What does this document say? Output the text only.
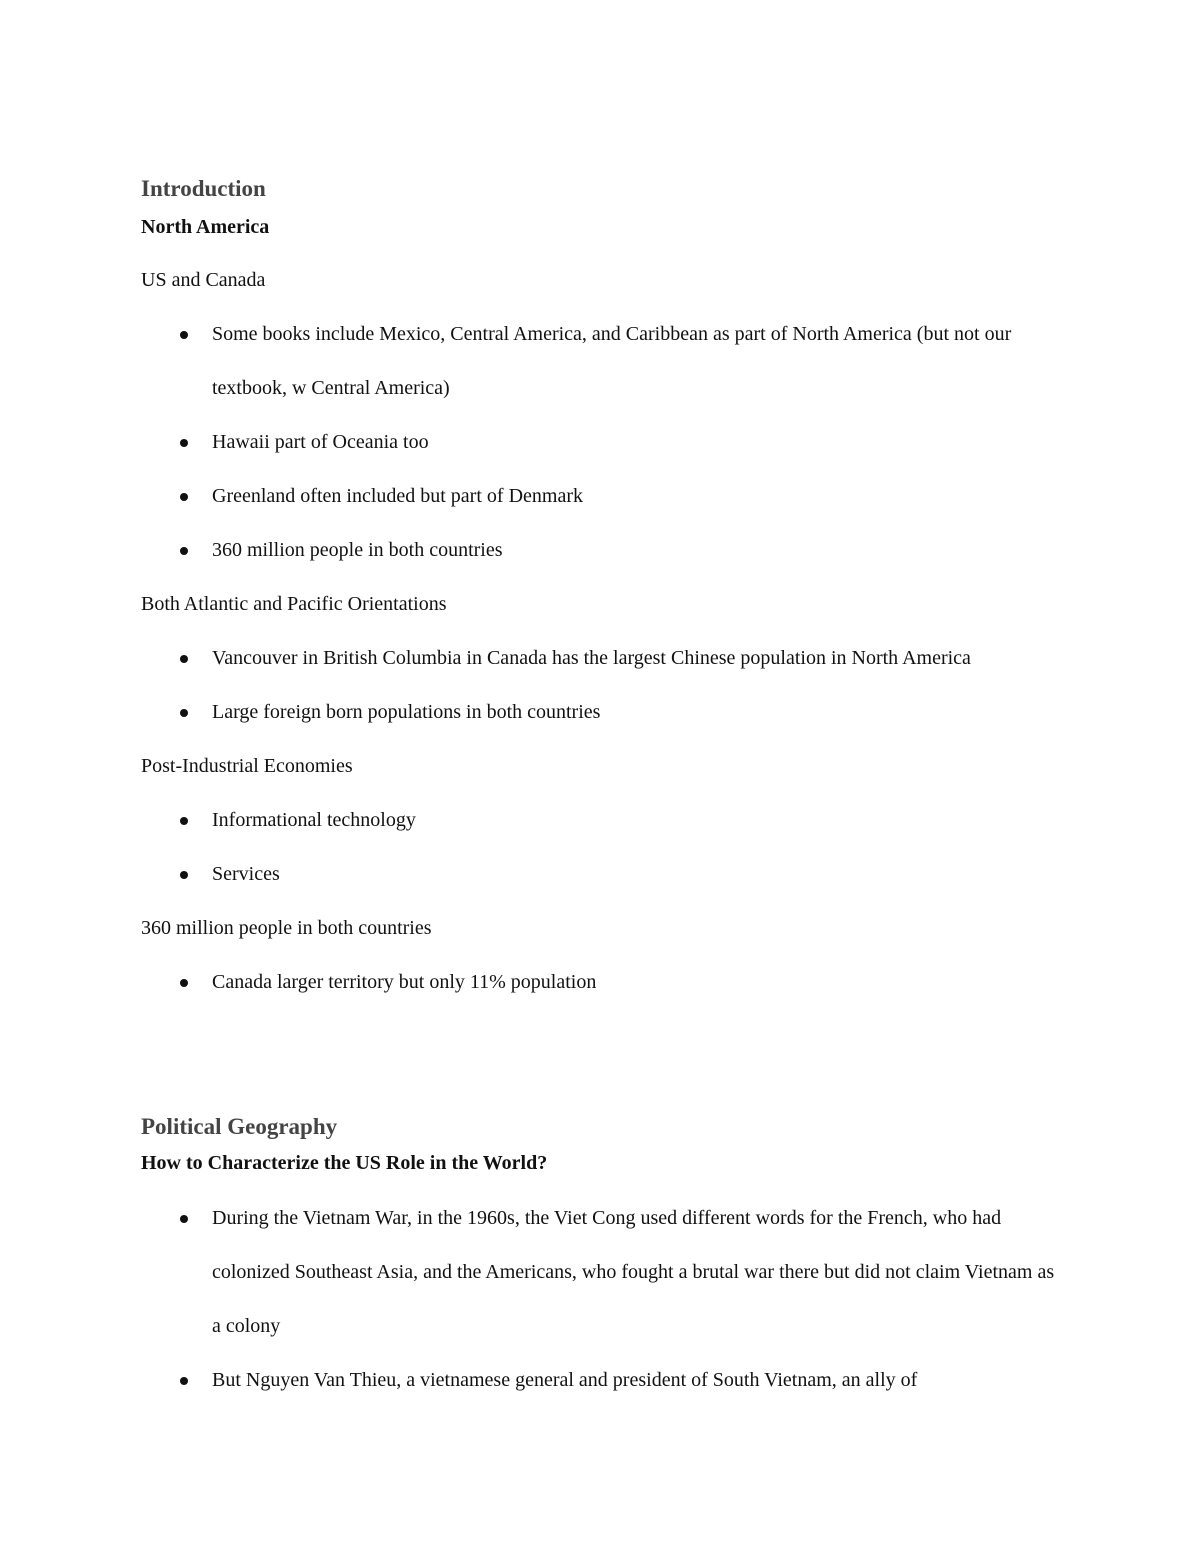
Introduction
North America

US and Canada

Some books include Mexico, Central America, and Caribbean as part of North America (but not our textbook, w Central America)
Hawaii part of Oceania too
Greenland often included but part of Denmark
360 million people in both countries

Both Atlantic and Pacific Orientations

Vancouver in British Columbia in Canada has the largest Chinese population in North America
Large foreign born populations in both countries

Post-Industrial Economies

Informational technology
Services

360 million people in both countries

Canada larger territory but only 11% population
Political Geography
How to Characterize the US Role in the World?
During the Vietnam War, in the 1960s, the Viet Cong used different words for the French, who had colonized Southeast Asia, and the Americans, who fought a brutal war there but did not claim Vietnam as a colony
But Nguyen Van Thieu, a vietnamese general and president of South Vietnam, an ally of
